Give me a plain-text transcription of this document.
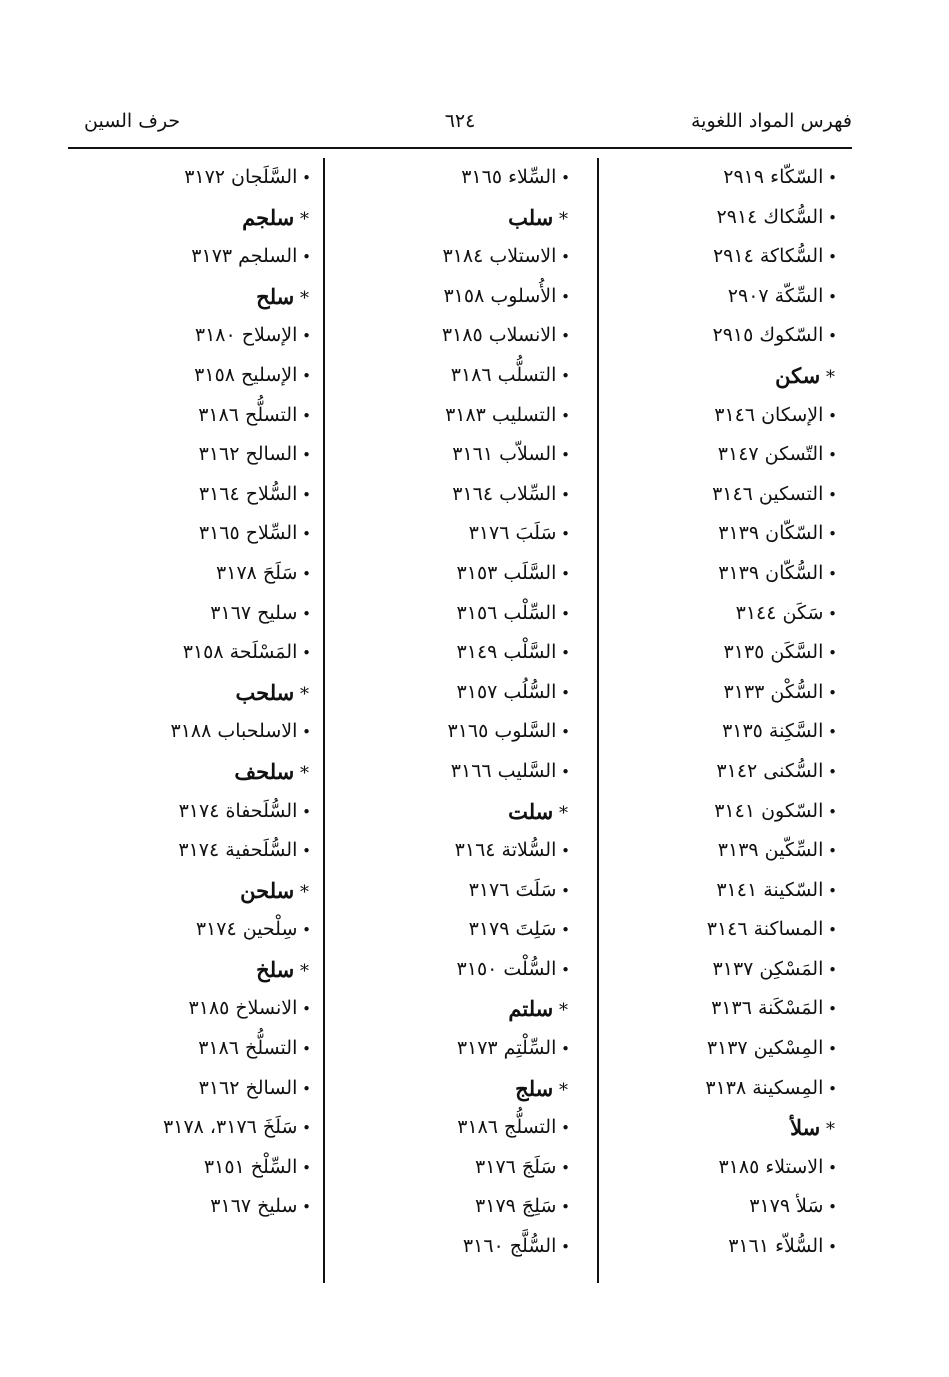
فهرس المواد اللغوية
٦٢٤
حرف السين
• السّكّاء ٢٩١٩
• السُّكاك ٢٩١٤
• السُّكاكة ٢٩١٤
• السِّكّة ٢٩٠٧
• السّكوك ٢٩١٥
* سكن
• الإسكان ٣١٤٦
• التّسكن ٣١٤٧
• التسكين ٣١٤٦
• السّكّان ٣١٣٩
• السُّكّان ٣١٣٩
• سَكَن ٣١٤٤
• السَّكَن ٣١٣٥
• السُّكْن ٣١٣٣
• السَّكِنة ٣١٣٥
• السُّكنى ٣١٤٢
• السّكون ٣١٤١
• السِّكّين ٣١٣٩
• السّكينة ٣١٤١
• المساكنة ٣١٤٦
• المَسْكِن ٣١٣٧
• المَسْكَنة ٣١٣٦
• المِسْكين ٣١٣٧
• المِسكينة ٣١٣٨
* سلأ
• الاستلاء ٣١٨٥
• سَلأ ٣١٧٩
• السُّلاّء ٣١٦١
• السِّلاء ٣١٦٥
* سلب
• الاستلاب ٣١٨٤
• الأُسلوب ٣١٥٨
• الانسلاب ٣١٨٥
• التسلُّب ٣١٨٦
• التسليب ٣١٨٣
• السلاّب ٣١٦١
• السِّلاب ٣١٦٤
• سَلَبَ ٣١٧٦
• السَّلَب ٣١٥٣
• السِّلْب ٣١٥٦
• السَّلْب ٣١٤٩
• السُّلُب ٣١٥٧
• السَّلوب ٣١٦٥
• السَّليب ٣١٦٦
* سلت
• السُّلاتة ٣١٦٤
• سَلَتَ ٣١٧٦
• سَلِتَ ٣١٧٩
• السُّلْت ٣١٥٠
* سلتم
• السِّلْتِم ٣١٧٣
* سلج
• التسلُّج ٣١٨٦
• سَلَجَ ٣١٧٦
• سَلِجَ ٣١٧٩
• السُّلَّج ٣١٦٠
• السَّلَجان ٣١٧٢
* سلجم
• السلجم ٣١٧٣
* سلح
• الإسلاح ٣١٨٠
• الإسليح ٣١٥٨
• التسلُّح ٣١٨٦
• السالح ٣١٦٢
• السُّلاح ٣١٦٤
• السِّلاح ٣١٦٥
• سَلَحَ ٣١٧٨
• سليح ٣١٦٧
• المَسْلَحة ٣١٥٨
* سلحب
• الاسلحباب ٣١٨٨
* سلحف
• السُّلَحفاة ٣١٧٤
• السُّلَحفية ٣١٧٤
* سلحن
• سِلْحين ٣١٧٤
* سلخ
• الانسلاخ ٣١٨٥
• التسلُّخ ٣١٨٦
• السالخ ٣١٦٢
• سَلَخَ ٣١٧٦، ٣١٧٨
• السِّلْخ ٣١٥١
• سليخ ٣١٦٧
